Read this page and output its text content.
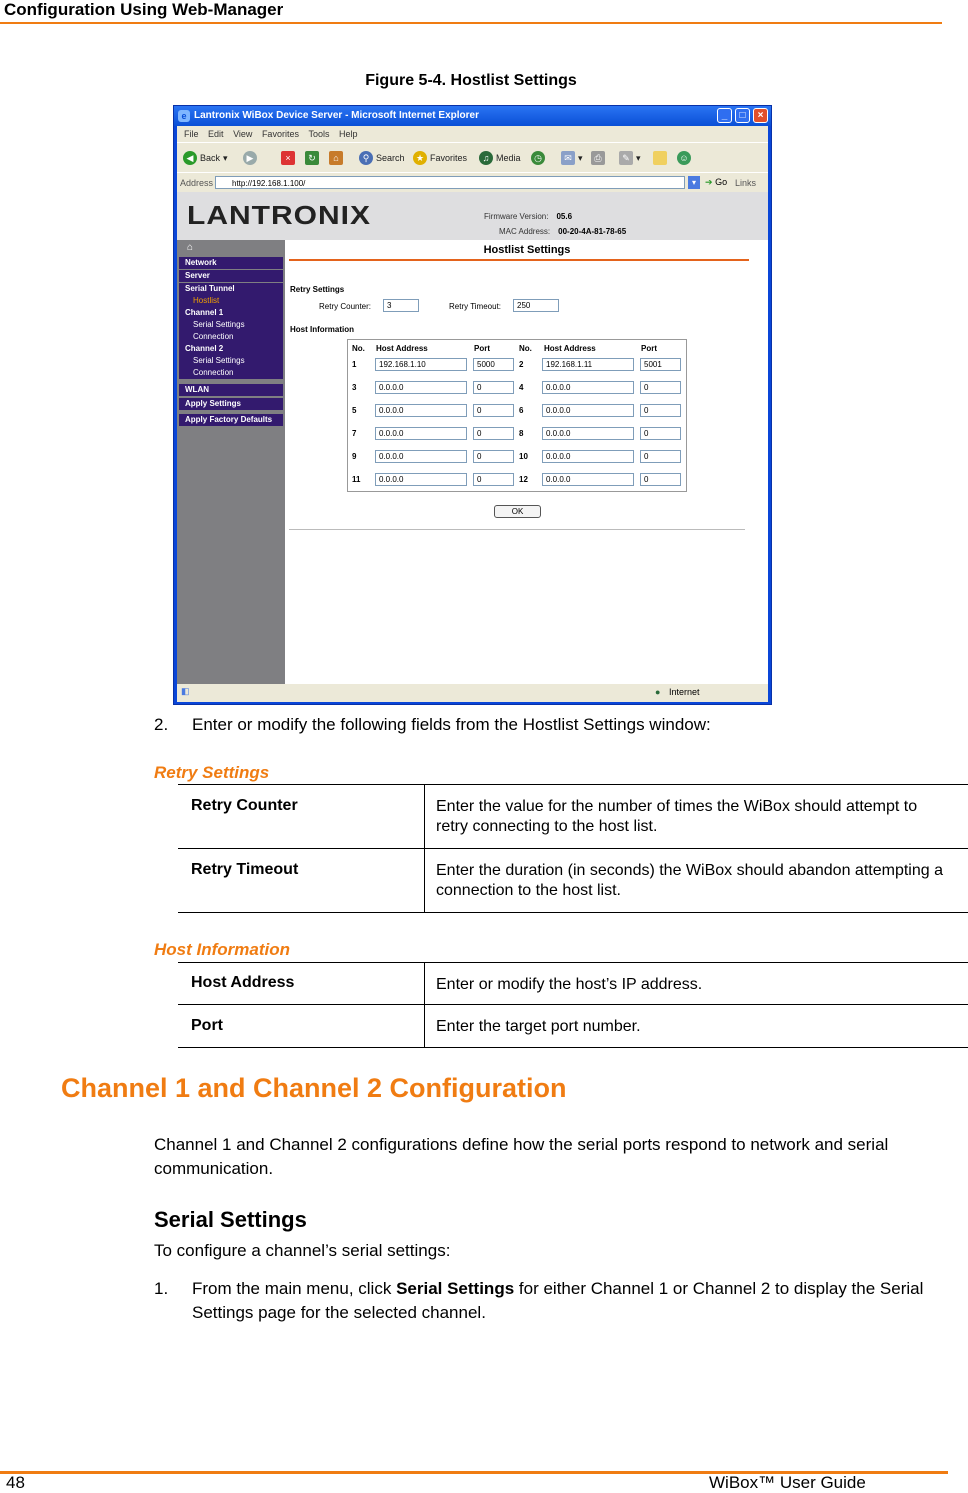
Configuration Using Web-Manager
Figure 5-4. Hostlist Settings
e Lantronix WiBox Device Server - Microsoft Internet Explorer	_	□	×
File Edit View Favorites Tools Help
◀ Back ▾	▶	×	↻	⌂	⚲ Search	★ Favorites	♫ Media	◷	✉ ▾	⎙	✎ ▾	☺
Address	http://192.168.1.100/	▾	➔ Go Links
LANTRONIX	Firmware Version: 05.6
MAC Address: 00-20-4A-81-78-65
⌂
Network
Server
Serial Tunnel
Hostlist
Channel 1
Serial Settings
Connection
Channel 2
Serial Settings
Connection
WLAN
Apply Settings
Apply Factory Defaults
Hostlist Settings
Retry Settings
Retry Counter:	3	Retry Timeout:	250
Host Information
No. Host Address	Port	No. Host Address	Port
1	192.168.1.10	5000	2	192.168.1.11	5001
3	0.0.0.0	0	4	0.0.0.0	0
5	0.0.0.0	0	6	0.0.0.0	0
7	0.0.0.0	0	8	0.0.0.0	0
9	0.0.0.0	0	10	0.0.0.0	0
11	0.0.0.0	0	12	0.0.0.0	0
OK
◧	● Internet
2. Enter or modify the following fields from the Hostlist Settings window:
Retry Settings
Retry Counter	Enter the value for the number of times the WiBox should attempt to retry connecting to the host list.
Retry Timeout	Enter the duration (in seconds) the WiBox should abandon attempting a connection to the host list.
Host Information
Host Address	Enter or modify the host’s IP address.
Port	Enter the target port number.
Channel 1 and Channel 2 Configuration
Channel 1 and Channel 2 configurations define how the serial ports respond to network and serial communication.
Serial Settings
To configure a channel’s serial settings:
1. From the main menu, click Serial Settings for either Channel 1 or Channel 2 to display the Serial Settings page for the selected channel.
48	WiBox™ User Guide
